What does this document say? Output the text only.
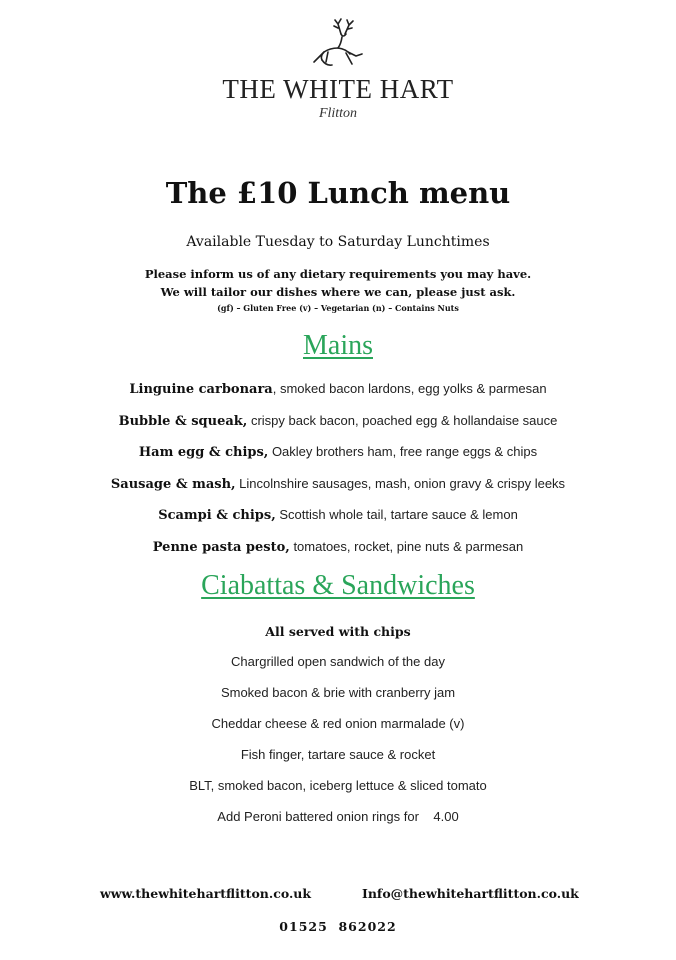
THE WHITE HART
Flitton
The £10 Lunch menu
Available Tuesday to Saturday Lunchtimes
Please inform us of any dietary requirements you may have.
We will tailor our dishes where we can, please just ask.
(gf) – Gluten Free (v) – Vegetarian (n) – Contains Nuts
Mains
Linguine carbonara, smoked bacon lardons, egg yolks & parmesan
Bubble & squeak, crispy back bacon, poached egg & hollandaise sauce
Ham egg & chips, Oakley brothers ham, free range eggs & chips
Sausage & mash, Lincolnshire sausages, mash, onion gravy & crispy leeks
Scampi & chips, Scottish whole tail, tartare sauce & lemon
Penne pasta pesto, tomatoes, rocket, pine nuts & parmesan
Ciabattas & Sandwiches
All served with chips
Chargrilled open sandwich of the day
Smoked bacon & brie with cranberry jam
Cheddar cheese & red onion marmalade (v)
Fish finger, tartare sauce & rocket
BLT, smoked bacon, iceberg lettuce & sliced tomato
Add Peroni battered onion rings for    4.00
www.thewhitehartflitton.co.uk	Info@thewhitehartflitton.co.uk
01525  862022
